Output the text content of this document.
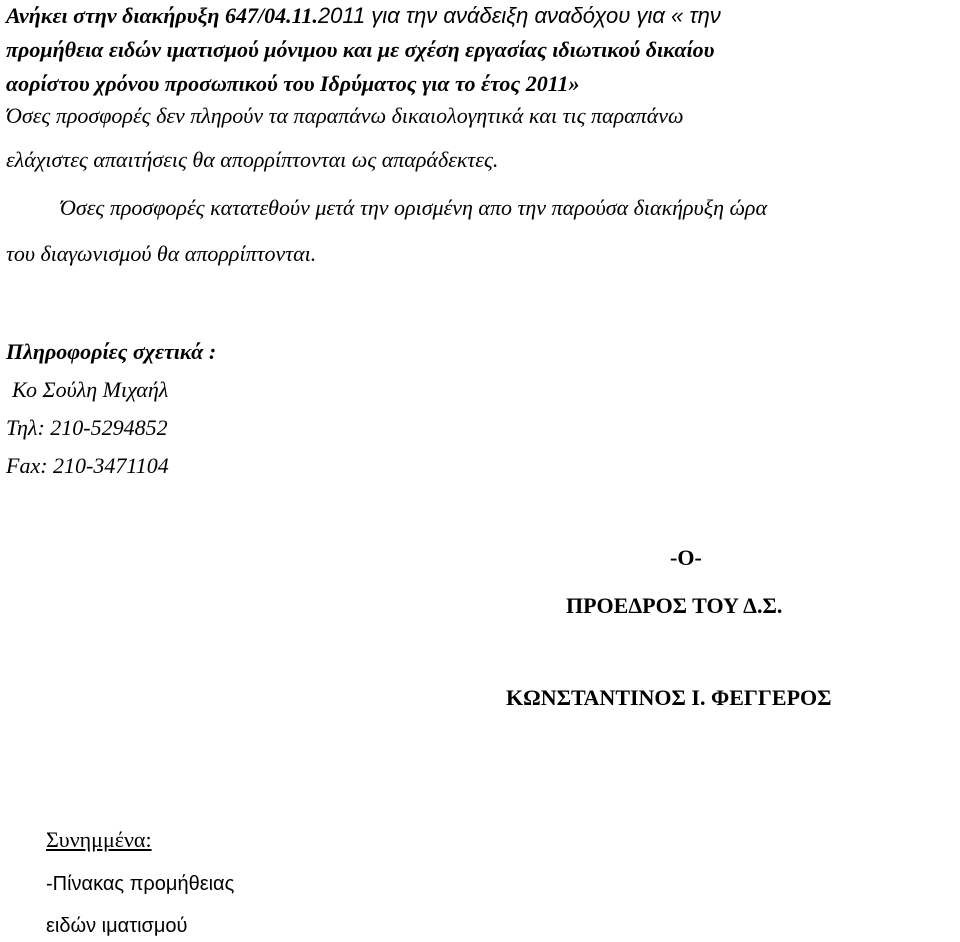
Ανήκει στην διακήρυξη 647/04.11.2011 για την ανάδειξη αναδόχου για « την
προμήθεια ειδών ιματισμού μόνιμου και με σχέση εργασίας ιδιωτικού δικαίου
αορίστου χρόνου προσωπικού του Ιδρύματος για το έτος 2011»
Όσες προσφορές δεν πληρούν τα παραπάνω δικαιολογητικά και τις παραπάνω
ελάχιστες απαιτήσεις θα απορρίπτονται ως απαράδεκτες.
Όσες προσφορές κατατεθούν μετά την ορισμένη απο την παρούσα διακήρυξη ώρα
του διαγωνισμού θα απορρίπτονται.
Πληροφορίες σχετικά :
Κο Σούλη Μιχαήλ
Τηλ: 210-5294852
Fax: 210-3471104
-Ο-
ΠΡΟΕΔΡΟΣ ΤΟΥ Δ.Σ.
ΚΩΝΣΤΑΝΤΙΝΟΣ Ι. ΦΕΓΓΕΡΟΣ
Συνημμένα:
-Πίνακας προμήθειας
ειδών ιματισμού
